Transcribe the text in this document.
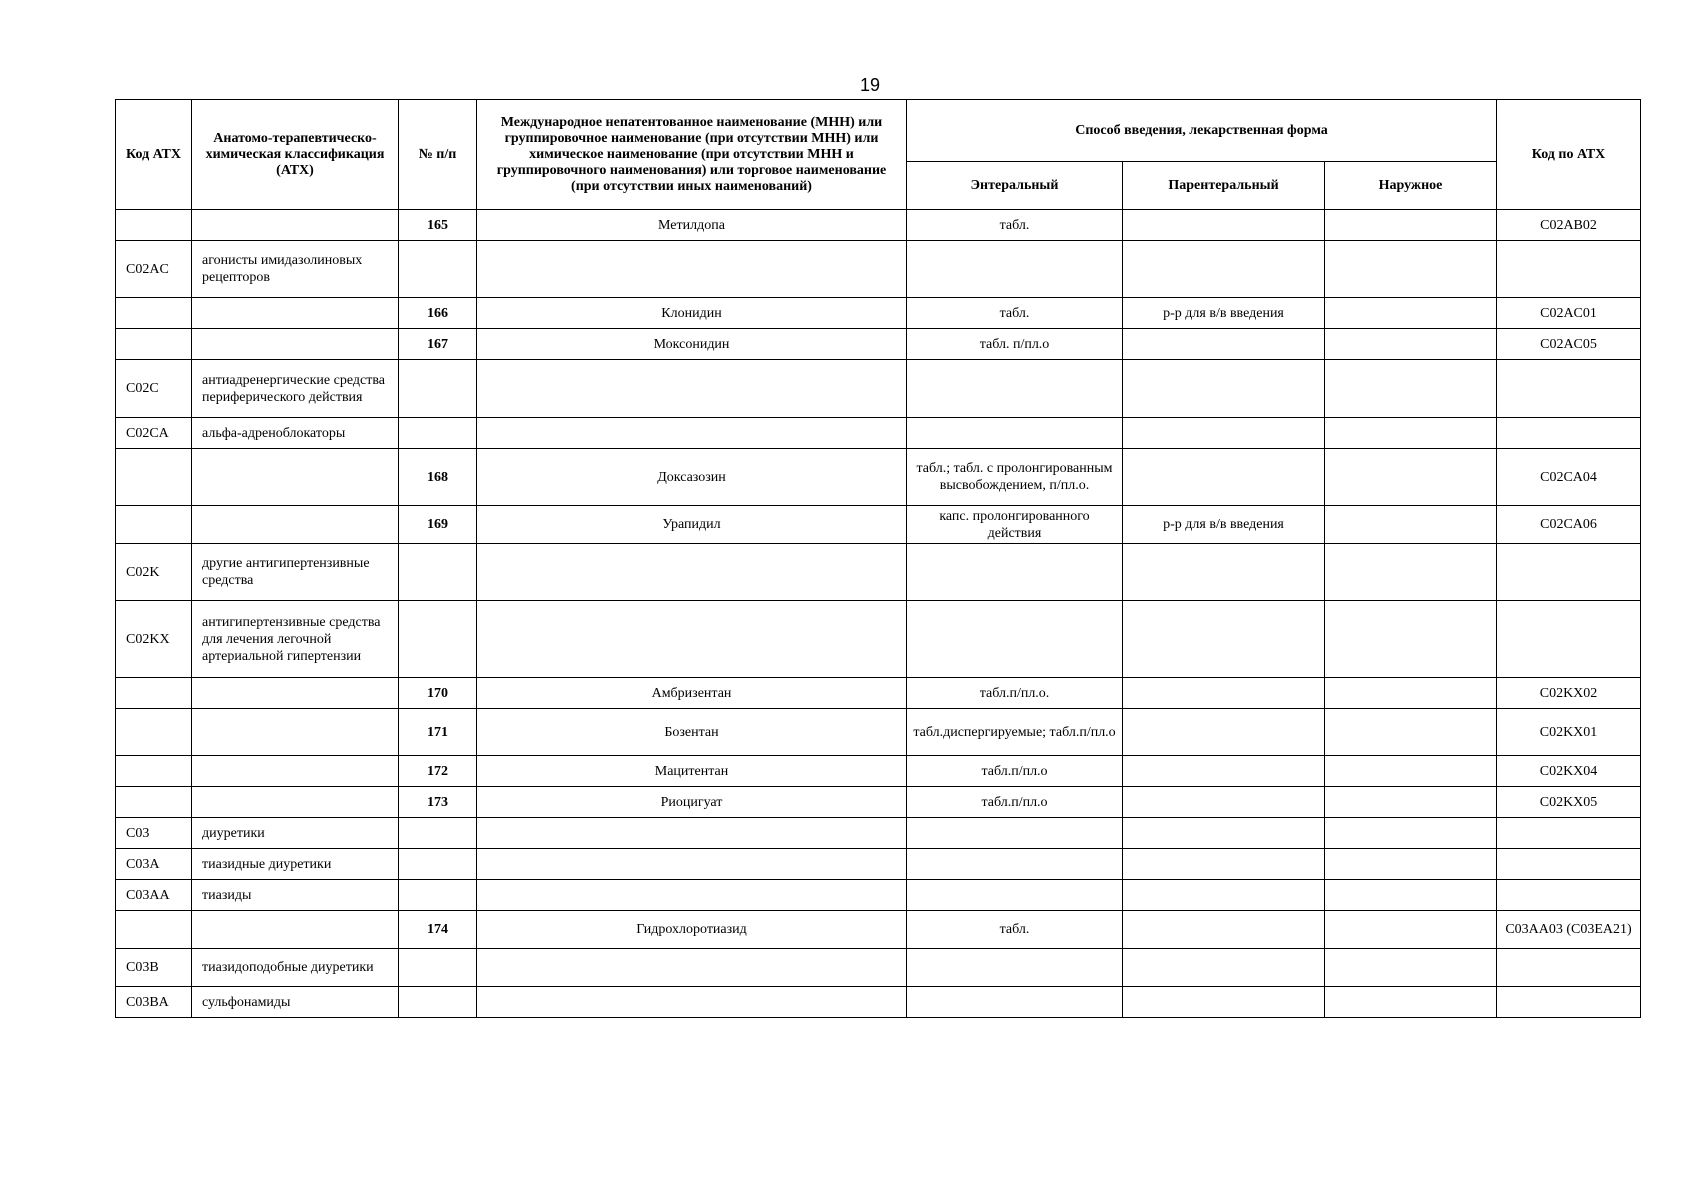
19
Код АТХ	Анатомо-терапевтическо-химическая классификация (АТХ)	№ п/п	Международное непатентованное наименование (МНН) или группировочное наименование (при отсутствии МНН) или химическое наименование (при отсутствии МНН и группировочного наименования) или торговое наименование (при отсутствии иных наименований)	Способ введения, лекарственная форма			Код по АТХ
				Энтеральный	Парентеральный	Наружное	
		165	Метилдопа	табл.			C02AB02
C02AC	агонисты имидазолиновых рецепторов						
		166	Клонидин	табл.	р-р для в/в введения		C02AC01
		167	Моксонидин	табл. п/пл.о			C02AC05
C02C	антиадренергические средства периферического действия						
C02CA	альфа-адреноблокаторы						
		168	Доксазозин	табл.; табл. с пролонгированным высвобождением, п/пл.о.			C02CA04
		169	Урапидил	капс. пролонгированного действия	р-р для в/в введения		C02CA06
C02K	другие антигипертензивные средства						
C02KX	антигипертензивные средства для лечения легочной артериальной гипертензии						
		170	Амбризентан	табл.п/пл.о.			C02KX02
		171	Бозентан	табл.диспергируемые; табл.п/пл.о			C02KX01
		172	Мацитентан	табл.п/пл.о			C02KX04
		173	Риоцигуат	табл.п/пл.о			C02KX05
C03	диуретики						
C03A	тиазидные диуретики						
C03AA	тиазиды						
		174	Гидрохлоротиазид	табл.			C03AA03 (C03EA21)
C03B	тиазидоподобные диуретики						
C03BA	сульфонамиды						
